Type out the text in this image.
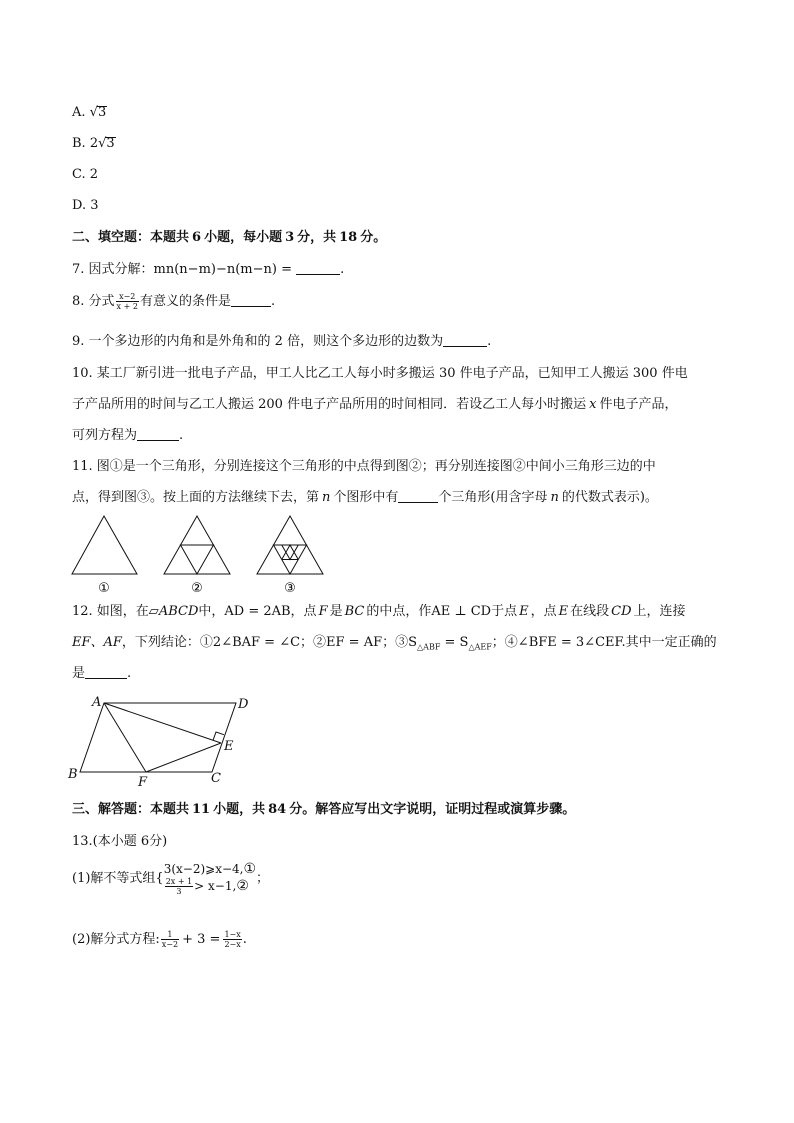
A. √3
B. 2√3
C. 2
D. 3
二、填空题：本题共 6 小题，每小题 3 分，共 18 分。
7. 因式分解：mn(n−m)−n(m−n) =	.
8. 分式 $\frac{x-2}{x + 2}$ 有意义的条件是	.
9. 一个多边形的内角和是外角和的 2 倍，则这个多边形的边数为	.
10. 某工厂新引进一批电子产品，甲工人比乙工人每小时多搬运 30 件电子产品，已知甲工人搬运 300 件电
子产品所用的时间与乙工人搬运 200 件电子产品所用的时间相同．若设乙工人每小时搬运 x 件电子产品，
可列方程为	.
11. 图①是一个三角形，分别连接这个三角形的中点得到图②；再分别连接图②中间小三角形三边的中
点，得到图③。按上面的方法继续下去，第 n 个图形中有	个三角形(用含字母 n 的代数式表示)。
①	②	③
12. 如图，在▱ABCD中，AD = 2AB，点 F 是 BC 的中点，作AE ⊥ CD于点 E ，点 E 在线段 CD 上，连接
EF、AF，下列结论：①2∠BAF = ∠C；②EF = AF；$③S_{\triangle ABF} = S_{\triangle AEF}$；④∠BFE = 3∠CEF.其中一定正确的
是	.
A	D
E
B
F	C
三、解答题：本题共 11 小题，共 84 分。解答应写出文字说明，证明过程或演算步骤。
13.(本小题 6分)
(1)解不等式组{
3(x−2)⩾x−4,①
$\frac{2x + 1}{3}$ > x−1,② ；
(2)解分式方程: $\frac{1}{x-2} + 3 = \frac{1-x}{2-x}$ .
